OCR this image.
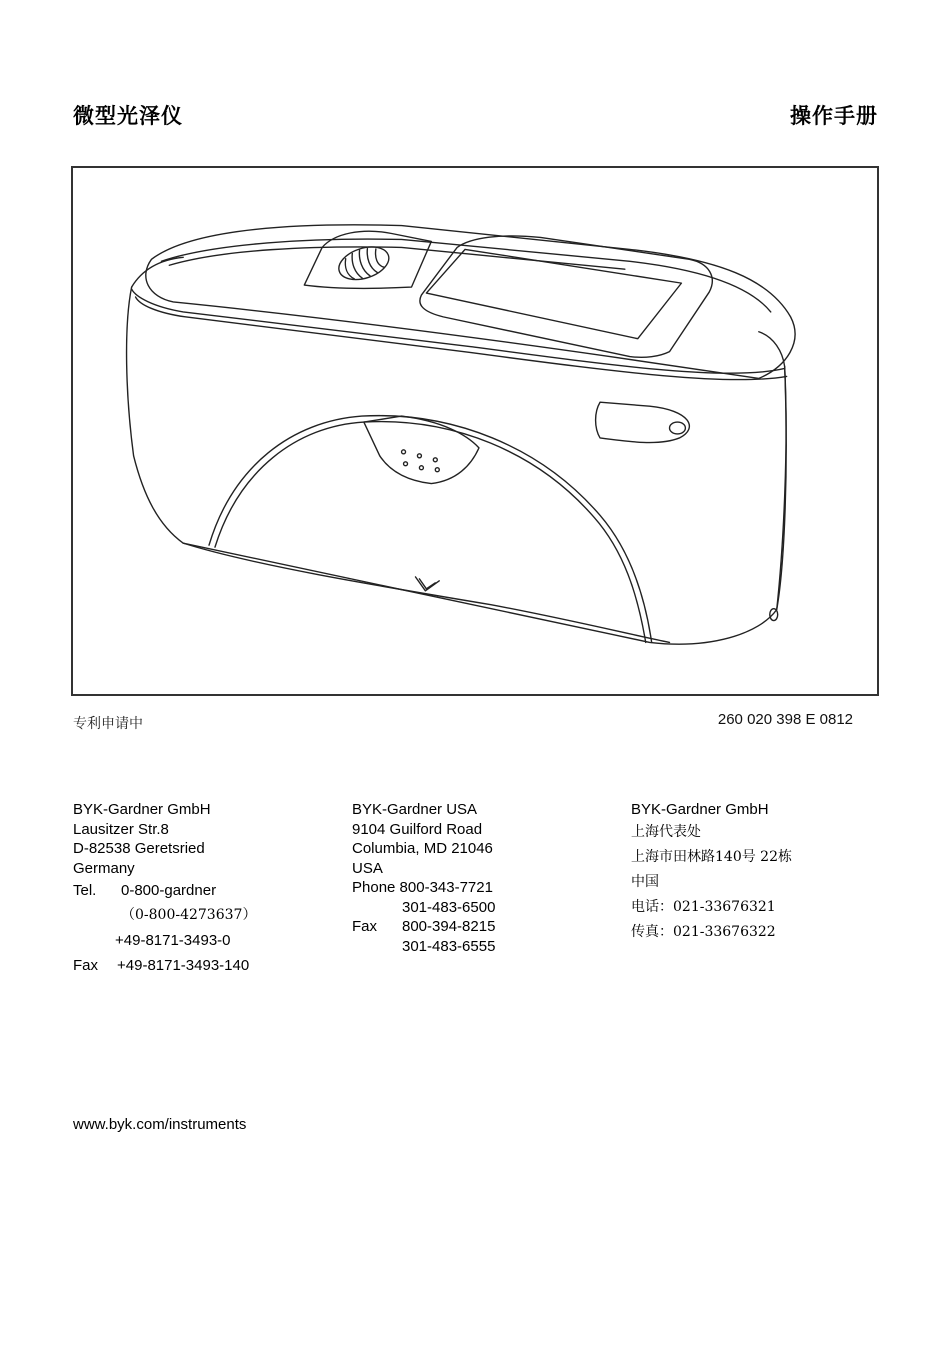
微型光泽仪	操作手册
专利申请中	260 020 398 E 0812
BYK-Gardner GmbH
Lausitzer Str.8
D-82538 Geretsried
Germany
Tel. 0-800-gardner
（0-800-4273637）
+49-8171-3493-0
Fax +49-8171-3493-140
BYK-Gardner USA
9104 Guilford Road
Columbia, MD 21046
USA
Phone 800-343-7721
301-483-6500
Fax 800-394-8215
301-483-6555
BYK-Gardner GmbH
上海代表处
上海市田林路140号 22栋
中国
电话：021-33676321
传真：021-33676322
www.byk.com/instruments
